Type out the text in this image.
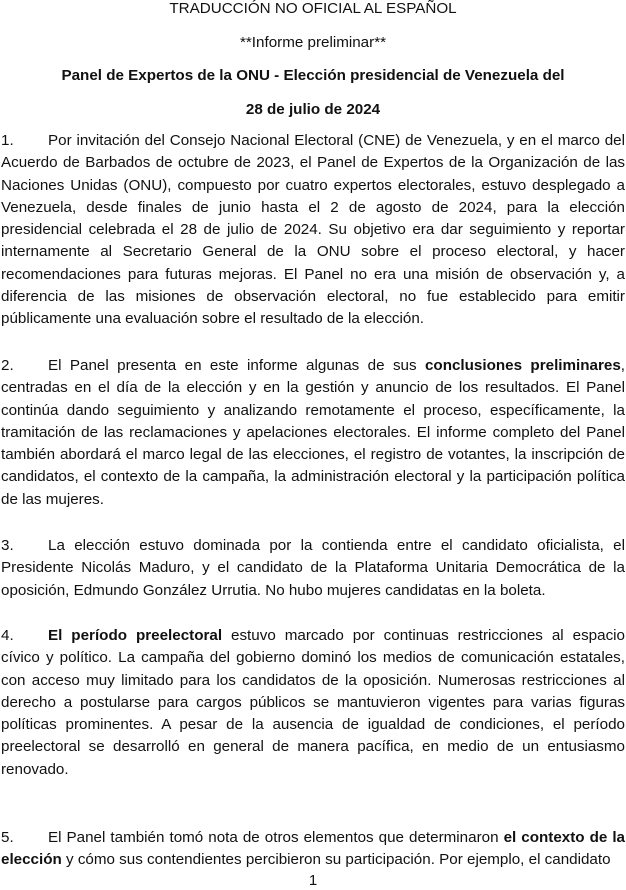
TRADUCCIÓN NO OFICIAL AL ESPAÑOL
**Informe preliminar**
Panel de Expertos de la ONU - Elección presidencial de Venezuela del
28 de julio de 2024
1. Por invitación del Consejo Nacional Electoral (CNE) de Venezuela, y en el marco del Acuerdo de Barbados de octubre de 2023, el Panel de Expertos de la Organización de las Naciones Unidas (ONU), compuesto por cuatro expertos electorales, estuvo desplegado a Venezuela, desde finales de junio hasta el 2 de agosto de 2024, para la elección presidencial celebrada el 28 de julio de 2024. Su objetivo era dar seguimiento y reportar internamente al Secretario General de la ONU sobre el proceso electoral, y hacer recomendaciones para futuras mejoras. El Panel no era una misión de observación y, a diferencia de las misiones de observación electoral, no fue establecido para emitir públicamente una evaluación sobre el resultado de la elección.
2. El Panel presenta en este informe algunas de sus conclusiones preliminares, centradas en el día de la elección y en la gestión y anuncio de los resultados. El Panel continúa dando seguimiento y analizando remotamente el proceso, específicamente, la tramitación de las reclamaciones y apelaciones electorales. El informe completo del Panel también abordará el marco legal de las elecciones, el registro de votantes, la inscripción de candidatos, el contexto de la campaña, la administración electoral y la participación política de las mujeres.
3. La elección estuvo dominada por la contienda entre el candidato oficialista, el Presidente Nicolás Maduro, y el candidato de la Plataforma Unitaria Democrática de la oposición, Edmundo González Urrutia. No hubo mujeres candidatas en la boleta.
4. El período preelectoral estuvo marcado por continuas restricciones al espacio cívico y político. La campaña del gobierno dominó los medios de comunicación estatales, con acceso muy limitado para los candidatos de la oposición. Numerosas restricciones al derecho a postularse para cargos públicos se mantuvieron vigentes para varias figuras políticas prominentes. A pesar de la ausencia de igualdad de condiciones, el período preelectoral se desarrolló en general de manera pacífica, en medio de un entusiasmo renovado.
5. El Panel también tomó nota de otros elementos que determinaron el contexto de la elección y cómo sus contendientes percibieron su participación. Por ejemplo, el candidato
1
